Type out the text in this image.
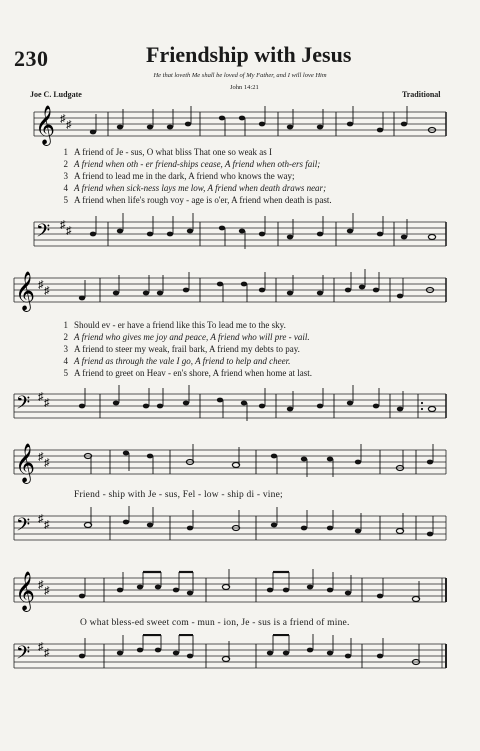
230	Friendship with Jesus
He that loveth Me shall be loved of My Father, and I will love Him
John 14:21
Joe C. Ludgate	Traditional
𝄞 ♯ ♯
1 A friend of Je - sus, O what bliss That one so weak as I
2 A friend when oth - er friend-ships cease, A friend when oth-ers fail;
3 A friend to lead me in the dark, A friend who knows the way;
4 A friend when sick-ness lays me low, A friend when death draws near;
5 A friend when life's rough voy - age is o'er, A friend when death is past.
𝄢 ♯ ♯
𝄞 ♯ ♯
1 Should ev - er have a friend like this To lead me to the sky.
2 A friend who gives me joy and peace, A friend who will pre - vail.
3 A friend to steer my weak, frail bark, A friend my debts to pay.
4 A friend as through the vale I go, A friend to help and cheer.
5 A friend to greet on Heav - en's shore, A friend when home at last.
𝄢 ♯ ♯
𝄞 ♯ ♯
Friend - ship with Je - sus, Fel - low - ship di - vine;
𝄢 ♯ ♯
𝄞 ♯ ♯
O what bless-ed sweet com - mun - ion, Je - sus is a friend of mine.
𝄢 ♯ ♯
